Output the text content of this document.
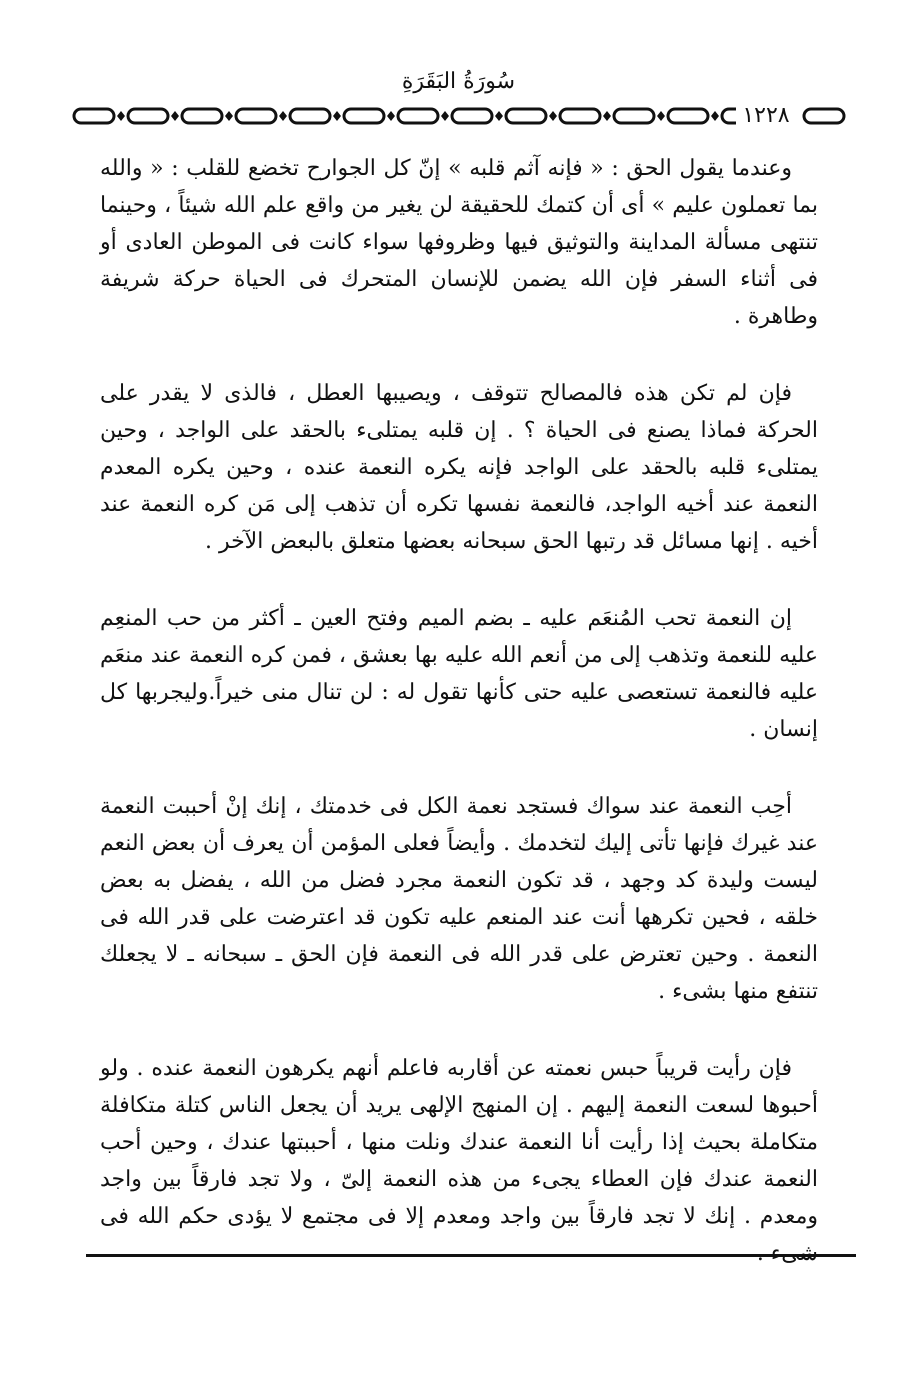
سُورَةُ البَقَرَةِ
١٢٢٨

وعندما يقول الحق : « فإنه آثم قلبه » إنّ كل الجوارح تخضع للقلب : « والله بما تعملون عليم » أى أن كتمك للحقيقة لن يغير من واقع علم الله شيئاً ، وحينما تنتهى مسألة المداينة والتوثيق فيها وظروفها سواء كانت فى الموطن العادى أو فى أثناء السفر فإن الله يضمن للإنسان المتحرك فى الحياة حركة شريفة وطاهرة .

فإن لم تكن هذه فالمصالح تتوقف ، ويصيبها العطل ، فالذى لا يقدر على الحركة فماذا يصنع فى الحياة ؟ . إن قلبه يمتلىء بالحقد على الواجد ، وحين يمتلىء قلبه بالحقد على الواجد فإنه يكره النعمة عنده ، وحين يكره المعدم النعمة عند أخيه الواجد، فالنعمة نفسها تكره أن تذهب إلى مَن كره النعمة عند أخيه . إنها مسائل قد رتبها الحق سبحانه بعضها متعلق بالبعض الآخر .

إن النعمة تحب المُنعَم عليه ـ بضم الميم وفتح العين ـ أكثر من حب المنعِم عليه للنعمة وتذهب إلى من أنعم الله عليه بها بعشق ، فمن كره النعمة عند منعَم عليه فالنعمة تستعصى عليه حتى كأنها تقول له : لن تنال منى خيراً.وليجربها كل إنسان .

أحِب النعمة عند سواك فستجد نعمة الكل فى خدمتك ، إنك إنْ أحببت النعمة عند غيرك فإنها تأتى إليك لتخدمك . وأيضاً فعلى المؤمن أن يعرف أن بعض النعم ليست وليدة كد وجهد ، قد تكون النعمة مجرد فضل من الله ، يفضل به بعض خلقه ، فحين تكرهها أنت عند المنعم عليه تكون قد اعترضت على قدر الله فى النعمة . وحين تعترض على قدر الله فى النعمة فإن الحق ـ سبحانه ـ لا يجعلك تنتفع منها بشىء .

فإن رأيت قريباً حبس نعمته عن أقاربه فاعلم أنهم يكرهون النعمة عنده . ولو أحبوها لسعت النعمة إليهم . إن المنهج الإلهى يريد أن يجعل الناس كتلة متكافلة متكاملة بحيث إذا رأيت أنا النعمة عندك ونلت منها ، أحببتها عندك ، وحين أحب النعمة عندك فإن العطاء يجىء من هذه النعمة إلىّ ، ولا تجد فارقاً بين واجد ومعدم . إنك لا تجد فارقاً بين واجد ومعدم إلا فى مجتمع لا يؤدى حكم الله فى
